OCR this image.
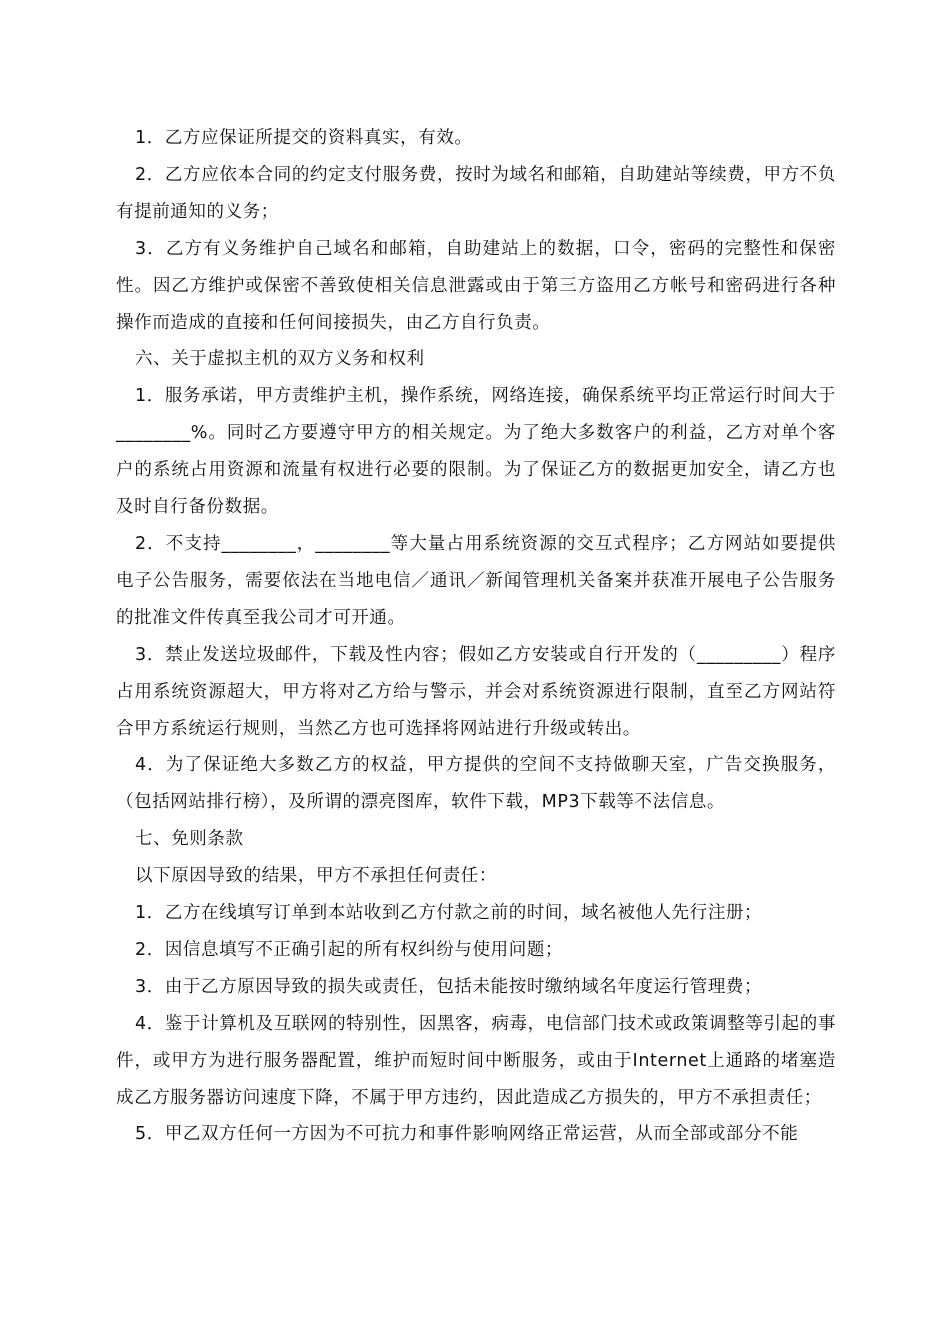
1．乙方应保证所提交的资料真实，有效。

2．乙方应依本合同的约定支付服务费，按时为域名和邮箱，自助建站等续费，甲方不负有提前通知的义务；

3．乙方有义务维护自己域名和邮箱，自助建站上的数据，口令，密码的完整性和保密性。因乙方维护或保密不善致使相关信息泄露或由于第三方盗用乙方帐号和密码进行各种操作而造成的直接和任何间接损失，由乙方自行负责。

六、关于虚拟主机的双方义务和权利

1．服务承诺，甲方责维护主机，操作系统，网络连接，确保系统平均正常运行时间大于________%。同时乙方要遵守甲方的相关规定。为了绝大多数客户的利益，乙方对单个客户的系统占用资源和流量有权进行必要的限制。为了保证乙方的数据更加安全，请乙方也及时自行备份数据。

2．不支持________，________等大量占用系统资源的交互式程序；乙方网站如要提供电子公告服务，需要依法在当地电信／通讯／新闻管理机关备案并获准开展电子公告服务的批准文件传真至我公司才可开通。

3．禁止发送垃圾邮件，下载及性内容；假如乙方安装或自行开发的（_________）程序占用系统资源超大，甲方将对乙方给与警示，并会对系统资源进行限制，直至乙方网站符合甲方系统运行规则，当然乙方也可选择将网站进行升级或转出。

4．为了保证绝大多数乙方的权益，甲方提供的空间不支持做聊天室，广告交换服务，（包括网站排行榜），及所谓的漂亮图库，软件下载，MP3下载等不法信息。

七、免则条款

以下原因导致的结果，甲方不承担任何责任：

1．乙方在线填写订单到本站收到乙方付款之前的时间，域名被他人先行注册；

2．因信息填写不正确引起的所有权纠纷与使用问题；

3．由于乙方原因导致的损失或责任，包括未能按时缴纳域名年度运行管理费；

4．鉴于计算机及互联网的特别性，因黑客，病毒，电信部门技术或政策调整等引起的事件，或甲方为进行服务器配置，维护而短时间中断服务，或由于Internet上通路的堵塞造成乙方服务器访问速度下降，不属于甲方违约，因此造成乙方损失的，甲方不承担责任；

5．甲乙双方任何一方因为不可抗力和事件影响网络正常运营，从而全部或部分不能
